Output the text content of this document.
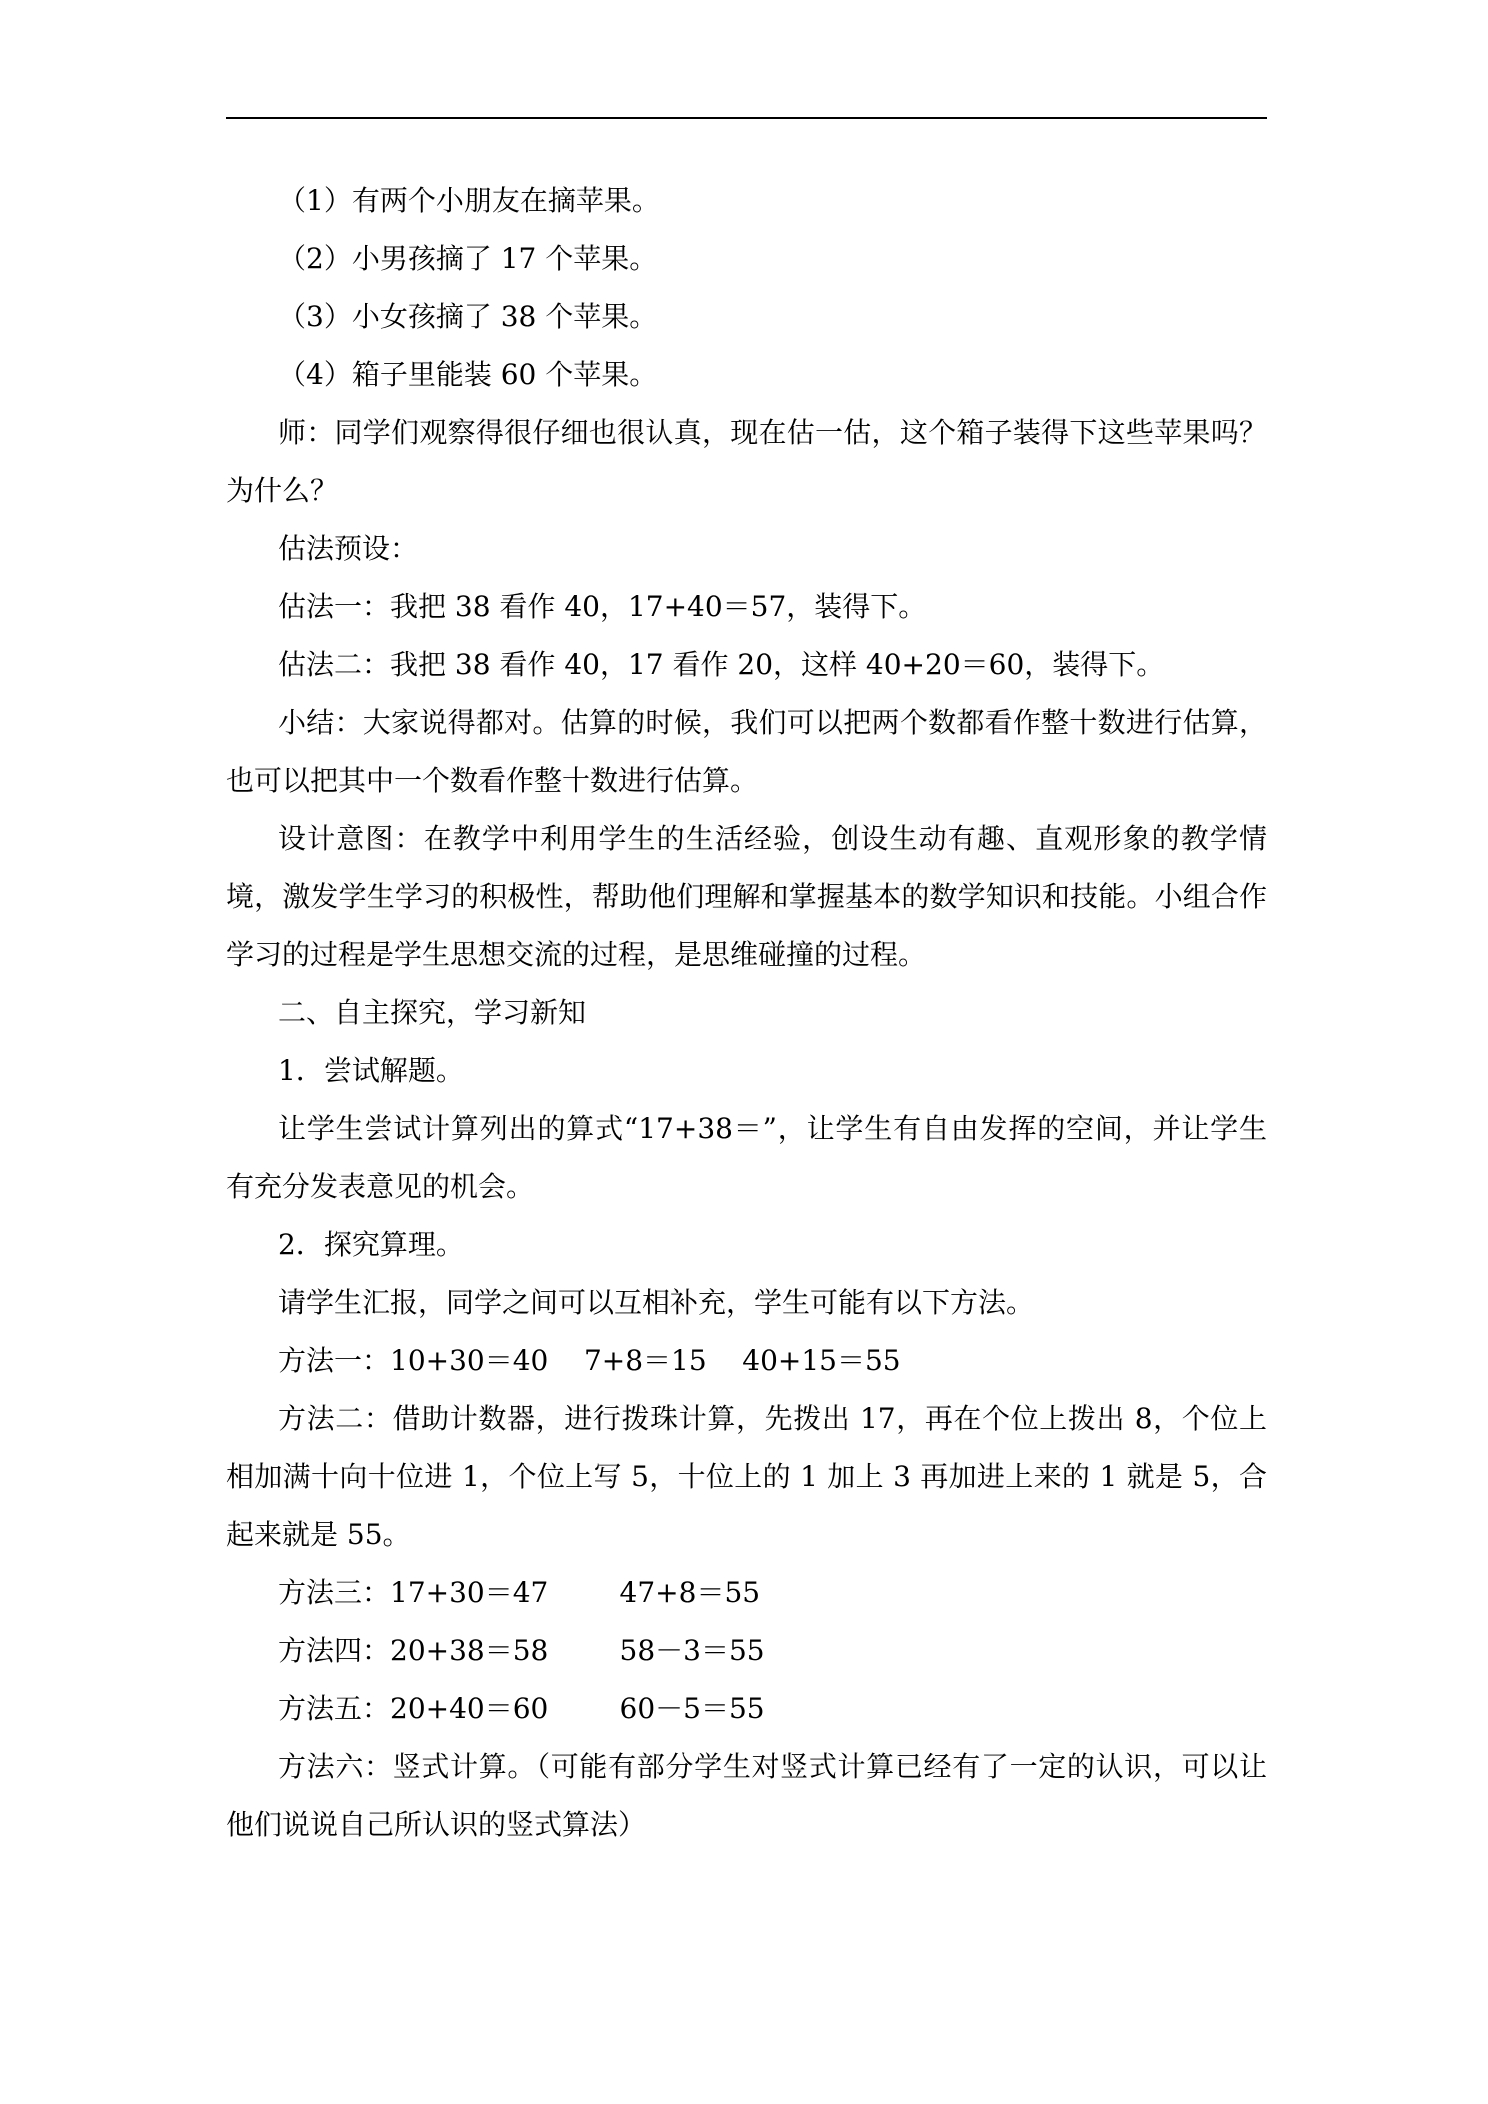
（1）有两个小朋友在摘苹果。

（2）小男孩摘了 17 个苹果。

（3）小女孩摘了 38 个苹果。

（4）箱子里能装 60 个苹果。

师：同学们观察得很仔细也很认真，现在估一估，这个箱子装得下这些苹果吗？为什么？

估法预设：

估法一：我把 38 看作 40，17+40＝57，装得下。

估法二：我把 38 看作 40，17 看作 20，这样 40+20＝60，装得下。

小结：大家说得都对。估算的时候，我们可以把两个数都看作整十数进行估算，也可以把其中一个数看作整十数进行估算。

设计意图：在教学中利用学生的生活经验，创设生动有趣、直观形象的教学情境，激发学生学习的积极性，帮助他们理解和掌握基本的数学知识和技能。小组合作学习的过程是学生思想交流的过程，是思维碰撞的过程。

二、自主探究，学习新知

1．尝试解题。

让学生尝试计算列出的算式“17+38＝”，让学生有自由发挥的空间，并让学生有充分发表意见的机会。

2．探究算理。

请学生汇报，同学之间可以互相补充，学生可能有以下方法。

方法一：10+30＝40    7+8＝15    40+15＝55

方法二：借助计数器，进行拨珠计算，先拨出 17，再在个位上拨出 8，个位上相加满十向十位进 1，个位上写 5，十位上的 1 加上 3 再加进上来的 1 就是 5，合起来就是 55。

方法三：17+30＝47        47+8＝55

方法四：20+38＝58        58－3＝55

方法五：20+40＝60        60－5＝55

方法六：竖式计算。（可能有部分学生对竖式计算已经有了一定的认识，可以让他们说说自己所认识的竖式算法）
